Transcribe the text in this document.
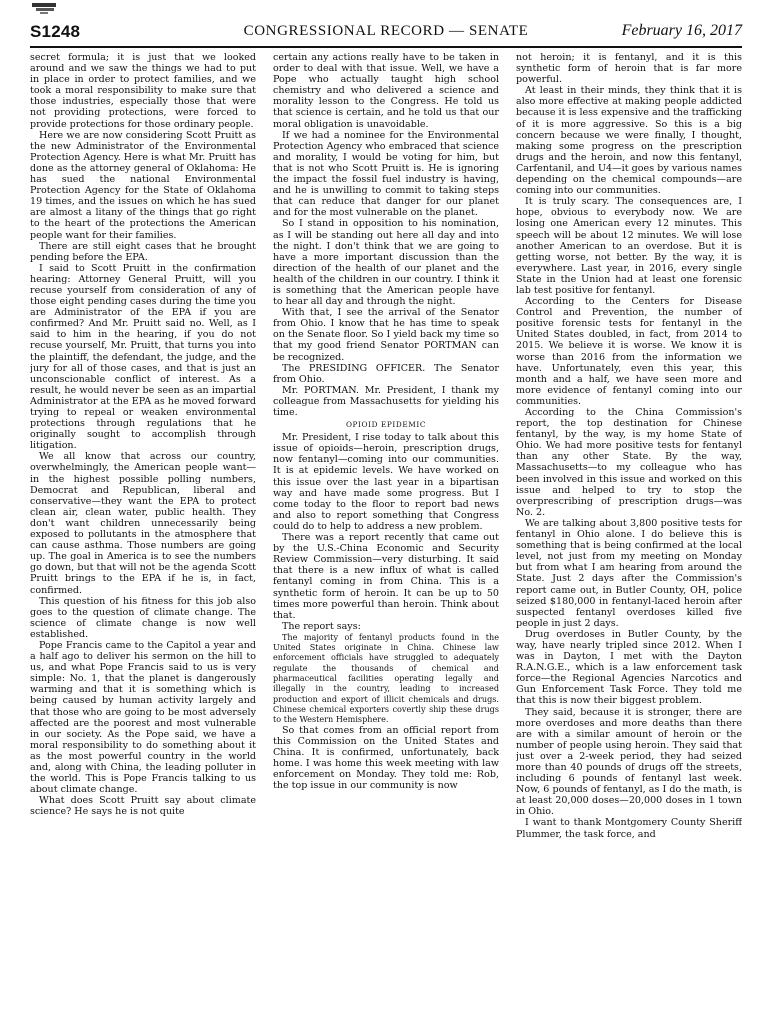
S1248	CONGRESSIONAL RECORD — SENATE	February 16, 2017

secret formula; it is just that we looked around and we saw the things we had to put in place in order to protect families, and we took a moral responsibility to make sure that those industries, especially those that were not providing protections, were forced to provide protections for those ordinary people.

Here we are now considering Scott Pruitt as the new Administrator of the Environmental Protection Agency. Here is what Mr. Pruitt has done as the attorney general of Oklahoma: He has sued the national Environmental Protection Agency for the State of Oklahoma 19 times, and the issues on which he has sued are almost a litany of the things that go right to the heart of the protections the American people want for their families.

There are still eight cases that he brought pending before the EPA.

I said to Scott Pruitt in the confirmation hearing: Attorney General Pruitt, will you recuse yourself from consideration of any of those eight pending cases during the time you are Administrator of the EPA if you are confirmed? And Mr. Pruitt said no. Well, as I said to him in the hearing, if you do not recuse yourself, Mr. Pruitt, that turns you into the plaintiff, the defendant, the judge, and the jury for all of those cases, and that is just an unconscionable conflict of interest. As a result, he would never be seen as an impartial Administrator at the EPA as he moved forward trying to repeal or weaken environmental protections through regulations that he originally sought to accomplish through litigation.

We all know that across our country, overwhelmingly, the American people want—in the highest possible polling numbers, Democrat and Republican, liberal and conservative—they want the EPA to protect clean air, clean water, public health. They don't want children unnecessarily being exposed to pollutants in the atmosphere that can cause asthma. Those numbers are going up. The goal in America is to see the numbers go down, but that will not be the agenda Scott Pruitt brings to the EPA if he is, in fact, confirmed.

This question of his fitness for this job also goes to the question of climate change. The science of climate change is now well established.

Pope Francis came to the Capitol a year and a half ago to deliver his sermon on the hill to us, and what Pope Francis said to us is very simple: No. 1, that the planet is dangerously warming and that it is something which is being caused by human activity largely and that those who are going to be most adversely affected are the poorest and most vulnerable in our society. As the Pope said, we have a moral responsibility to do something about it as the most powerful country in the world and, along with China, the leading polluter in the world. This is Pope Francis talking to us about climate change.

What does Scott Pruitt say about climate science? He says he is not quite

certain any actions really have to be taken in order to deal with that issue. Well, we have a Pope who actually taught high school chemistry and who delivered a science and morality lesson to the Congress. He told us that science is certain, and he told us that our moral obligation is unavoidable.

If we had a nominee for the Environmental Protection Agency who embraced that science and morality, I would be voting for him, but that is not who Scott Pruitt is. He is ignoring the impact the fossil fuel industry is having, and he is unwilling to commit to taking steps that can reduce that danger for our planet and for the most vulnerable on the planet.

So I stand in opposition to his nomination, as I will be standing out here all day and into the night. I don't think that we are going to have a more important discussion than the direction of the health of our planet and the health of the children in our country. I think it is something that the American people have to hear all day and through the night.

With that, I see the arrival of the Senator from Ohio. I know that he has time to speak on the Senate floor. So I yield back my time so that my good friend Senator PORTMAN can be recognized.

The PRESIDING OFFICER. The Senator from Ohio.

Mr. PORTMAN. Mr. President, I thank my colleague from Massachusetts for yielding his time.

OPIOID EPIDEMIC

Mr. President, I rise today to talk about this issue of opioids—heroin, prescription drugs, now fentanyl—coming into our communities. It is at epidemic levels. We have worked on this issue over the last year in a bipartisan way and have made some progress. But I come today to the floor to report bad news and also to report something that Congress could do to help to address a new problem.

There was a report recently that came out by the U.S.-China Economic and Security Review Commission—very disturbing. It said that there is a new influx of what is called fentanyl coming in from China. This is a synthetic form of heroin. It can be up to 50 times more powerful than heroin. Think about that.

The report says:

The majority of fentanyl products found in the United States originate in China. Chinese law enforcement officials have struggled to adequately regulate the thousands of chemical and pharmaceutical facilities operating legally and illegally in the country, leading to increased production and export of illicit chemicals and drugs. Chinese chemical exporters covertly ship these drugs to the Western Hemisphere.

So that comes from an official report from this Commission on the United States and China. It is confirmed, unfortunately, back home. I was home this week meeting with law enforcement on Monday. They told me: Rob, the top issue in our community is now

not heroin; it is fentanyl, and it is this synthetic form of heroin that is far more powerful.

At least in their minds, they think that it is also more effective at making people addicted because it is less expensive and the trafficking of it is more aggressive. So this is a big concern because we were finally, I thought, making some progress on the prescription drugs and the heroin, and now this fentanyl, Carfentanil, and U4—it goes by various names depending on the chemical compounds—are coming into our communities.

It is truly scary. The consequences are, I hope, obvious to everybody now. We are losing one American every 12 minutes. This speech will be about 12 minutes. We will lose another American to an overdose. But it is getting worse, not better. By the way, it is everywhere. Last year, in 2016, every single State in the Union had at least one forensic lab test positive for fentanyl.

According to the Centers for Disease Control and Prevention, the number of positive forensic tests for fentanyl in the United States doubled, in fact, from 2014 to 2015. We believe it is worse. We know it is worse than 2016 from the information we have. Unfortunately, even this year, this month and a half, we have seen more and more evidence of fentanyl coming into our communities.

According to the China Commission's report, the top destination for Chinese fentanyl, by the way, is my home State of Ohio. We had more positive tests for fentanyl than any other State. By the way, Massachusetts—to my colleague who has been involved in this issue and worked on this issue and helped to try to stop the overprescribing of prescription drugs—was No. 2.

We are talking about 3,800 positive tests for fentanyl in Ohio alone. I do believe this is something that is being confirmed at the local level, not just from my meeting on Monday but from what I am hearing from around the State. Just 2 days after the Commission's report came out, in Butler County, OH, police seized $180,000 in fentanyl-laced heroin after suspected fentanyl overdoses killed five people in just 2 days.

Drug overdoses in Butler County, by the way, have nearly tripled since 2012. When I was in Dayton, I met with the Dayton R.A.N.G.E., which is a law enforcement task force—the Regional Agencies Narcotics and Gun Enforcement Task Force. They told me that this is now their biggest problem.

They said, because it is stronger, there are more overdoses and more deaths than there are with a similar amount of heroin or the number of people using heroin. They said that just over a 2-week period, they had seized more than 40 pounds of drugs off the streets, including 6 pounds of fentanyl last week. Now, 6 pounds of fentanyl, as I do the math, is at least 20,000 doses—20,000 doses in 1 town in Ohio.

I want to thank Montgomery County Sheriff Plummer, the task force, and
